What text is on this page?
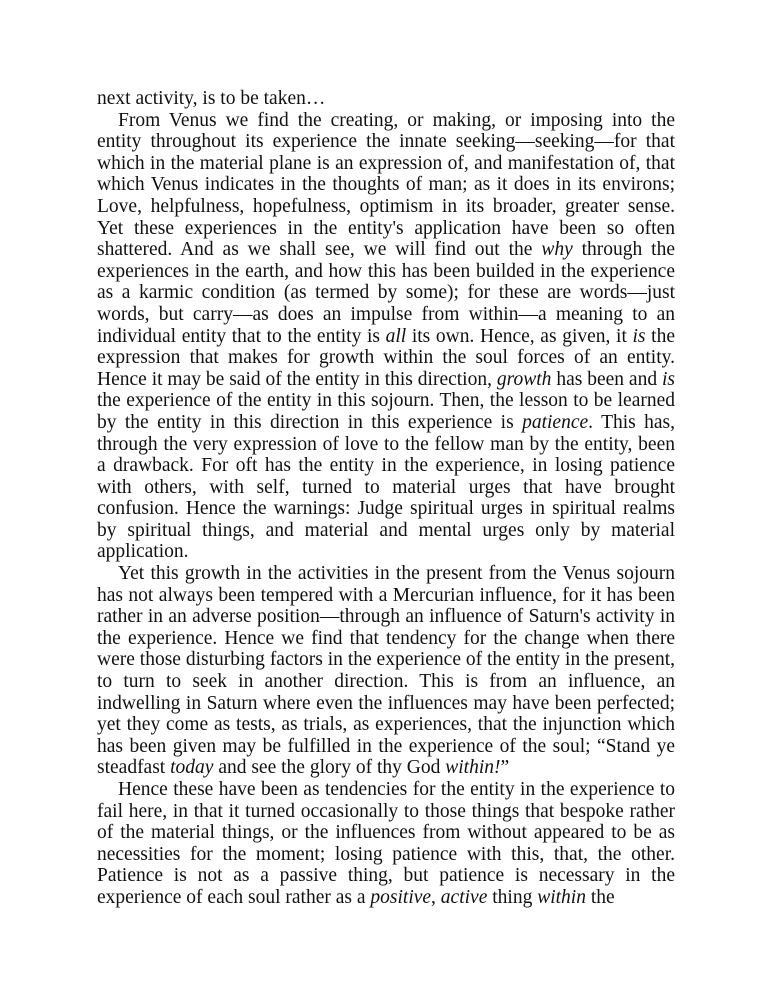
next activity, is to be taken…

From Venus we find the creating, or making, or imposing into the entity throughout its experience the innate seeking—seeking—for that which in the material plane is an expression of, and manifestation of, that which Venus indicates in the thoughts of man; as it does in its environs; Love, helpfulness, hopefulness, optimism in its broader, greater sense. Yet these experiences in the entity's application have been so often shattered. And as we shall see, we will find out the why through the experiences in the earth, and how this has been builded in the experience as a karmic condition (as termed by some); for these are words—just words, but carry—as does an impulse from within—a meaning to an individual entity that to the entity is all its own. Hence, as given, it is the expression that makes for growth within the soul forces of an entity. Hence it may be said of the entity in this direction, growth has been and is the experience of the entity in this sojourn. Then, the lesson to be learned by the entity in this direction in this experience is patience. This has, through the very expression of love to the fellow man by the entity, been a drawback. For oft has the entity in the experience, in losing patience with others, with self, turned to material urges that have brought confusion. Hence the warnings: Judge spiritual urges in spiritual realms by spiritual things, and material and mental urges only by material application.

Yet this growth in the activities in the present from the Venus sojourn has not always been tempered with a Mercurian influence, for it has been rather in an adverse position—through an influence of Saturn's activity in the experience. Hence we find that tendency for the change when there were those disturbing factors in the experience of the entity in the present, to turn to seek in another direction. This is from an influence, an indwelling in Saturn where even the influences may have been perfected; yet they come as tests, as trials, as experiences, that the injunction which has been given may be fulfilled in the experience of the soul; “Stand ye steadfast today and see the glory of thy God within!”

Hence these have been as tendencies for the entity in the experience to fail here, in that it turned occasionally to those things that bespoke rather of the material things, or the influences from without appeared to be as necessities for the moment; losing patience with this, that, the other. Patience is not as a passive thing, but patience is necessary in the experience of each soul rather as a positive, active thing within the
